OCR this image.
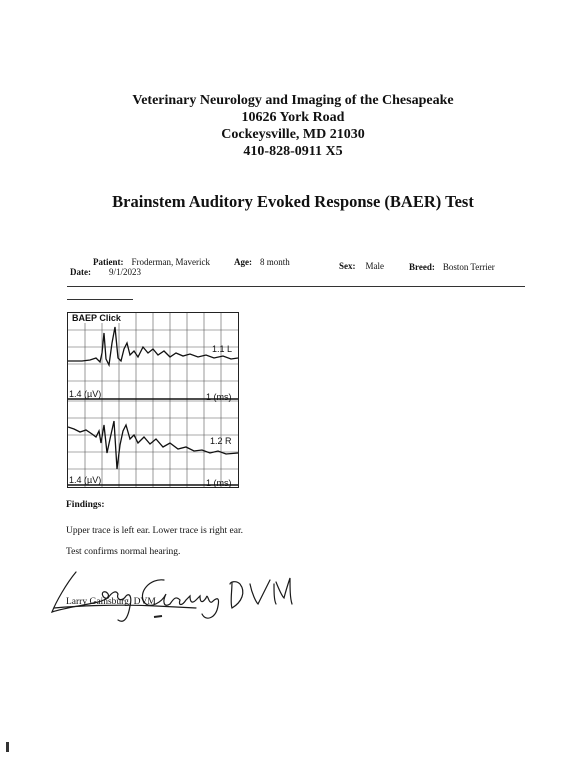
Veterinary Neurology and Imaging of the Chesapeake
10626 York Road
Cockeysville, MD 21030
410-828-0911 X5
Brainstem Auditory Evoked Response (BAER) Test
Patient: Froderman, Maverick	Age: 8 month	Sex: Male	Breed: Boston Terrier
Date: 9/1/2023
BAEP Click
1.1 L
1.2 R
1.4 (µV)	1 (ms)
1.4 (µV)	1 (ms)
Findings:
Upper trace is left ear. Lower trace is right ear.
Test confirms normal hearing.
Larry Gainsburg, DVM
